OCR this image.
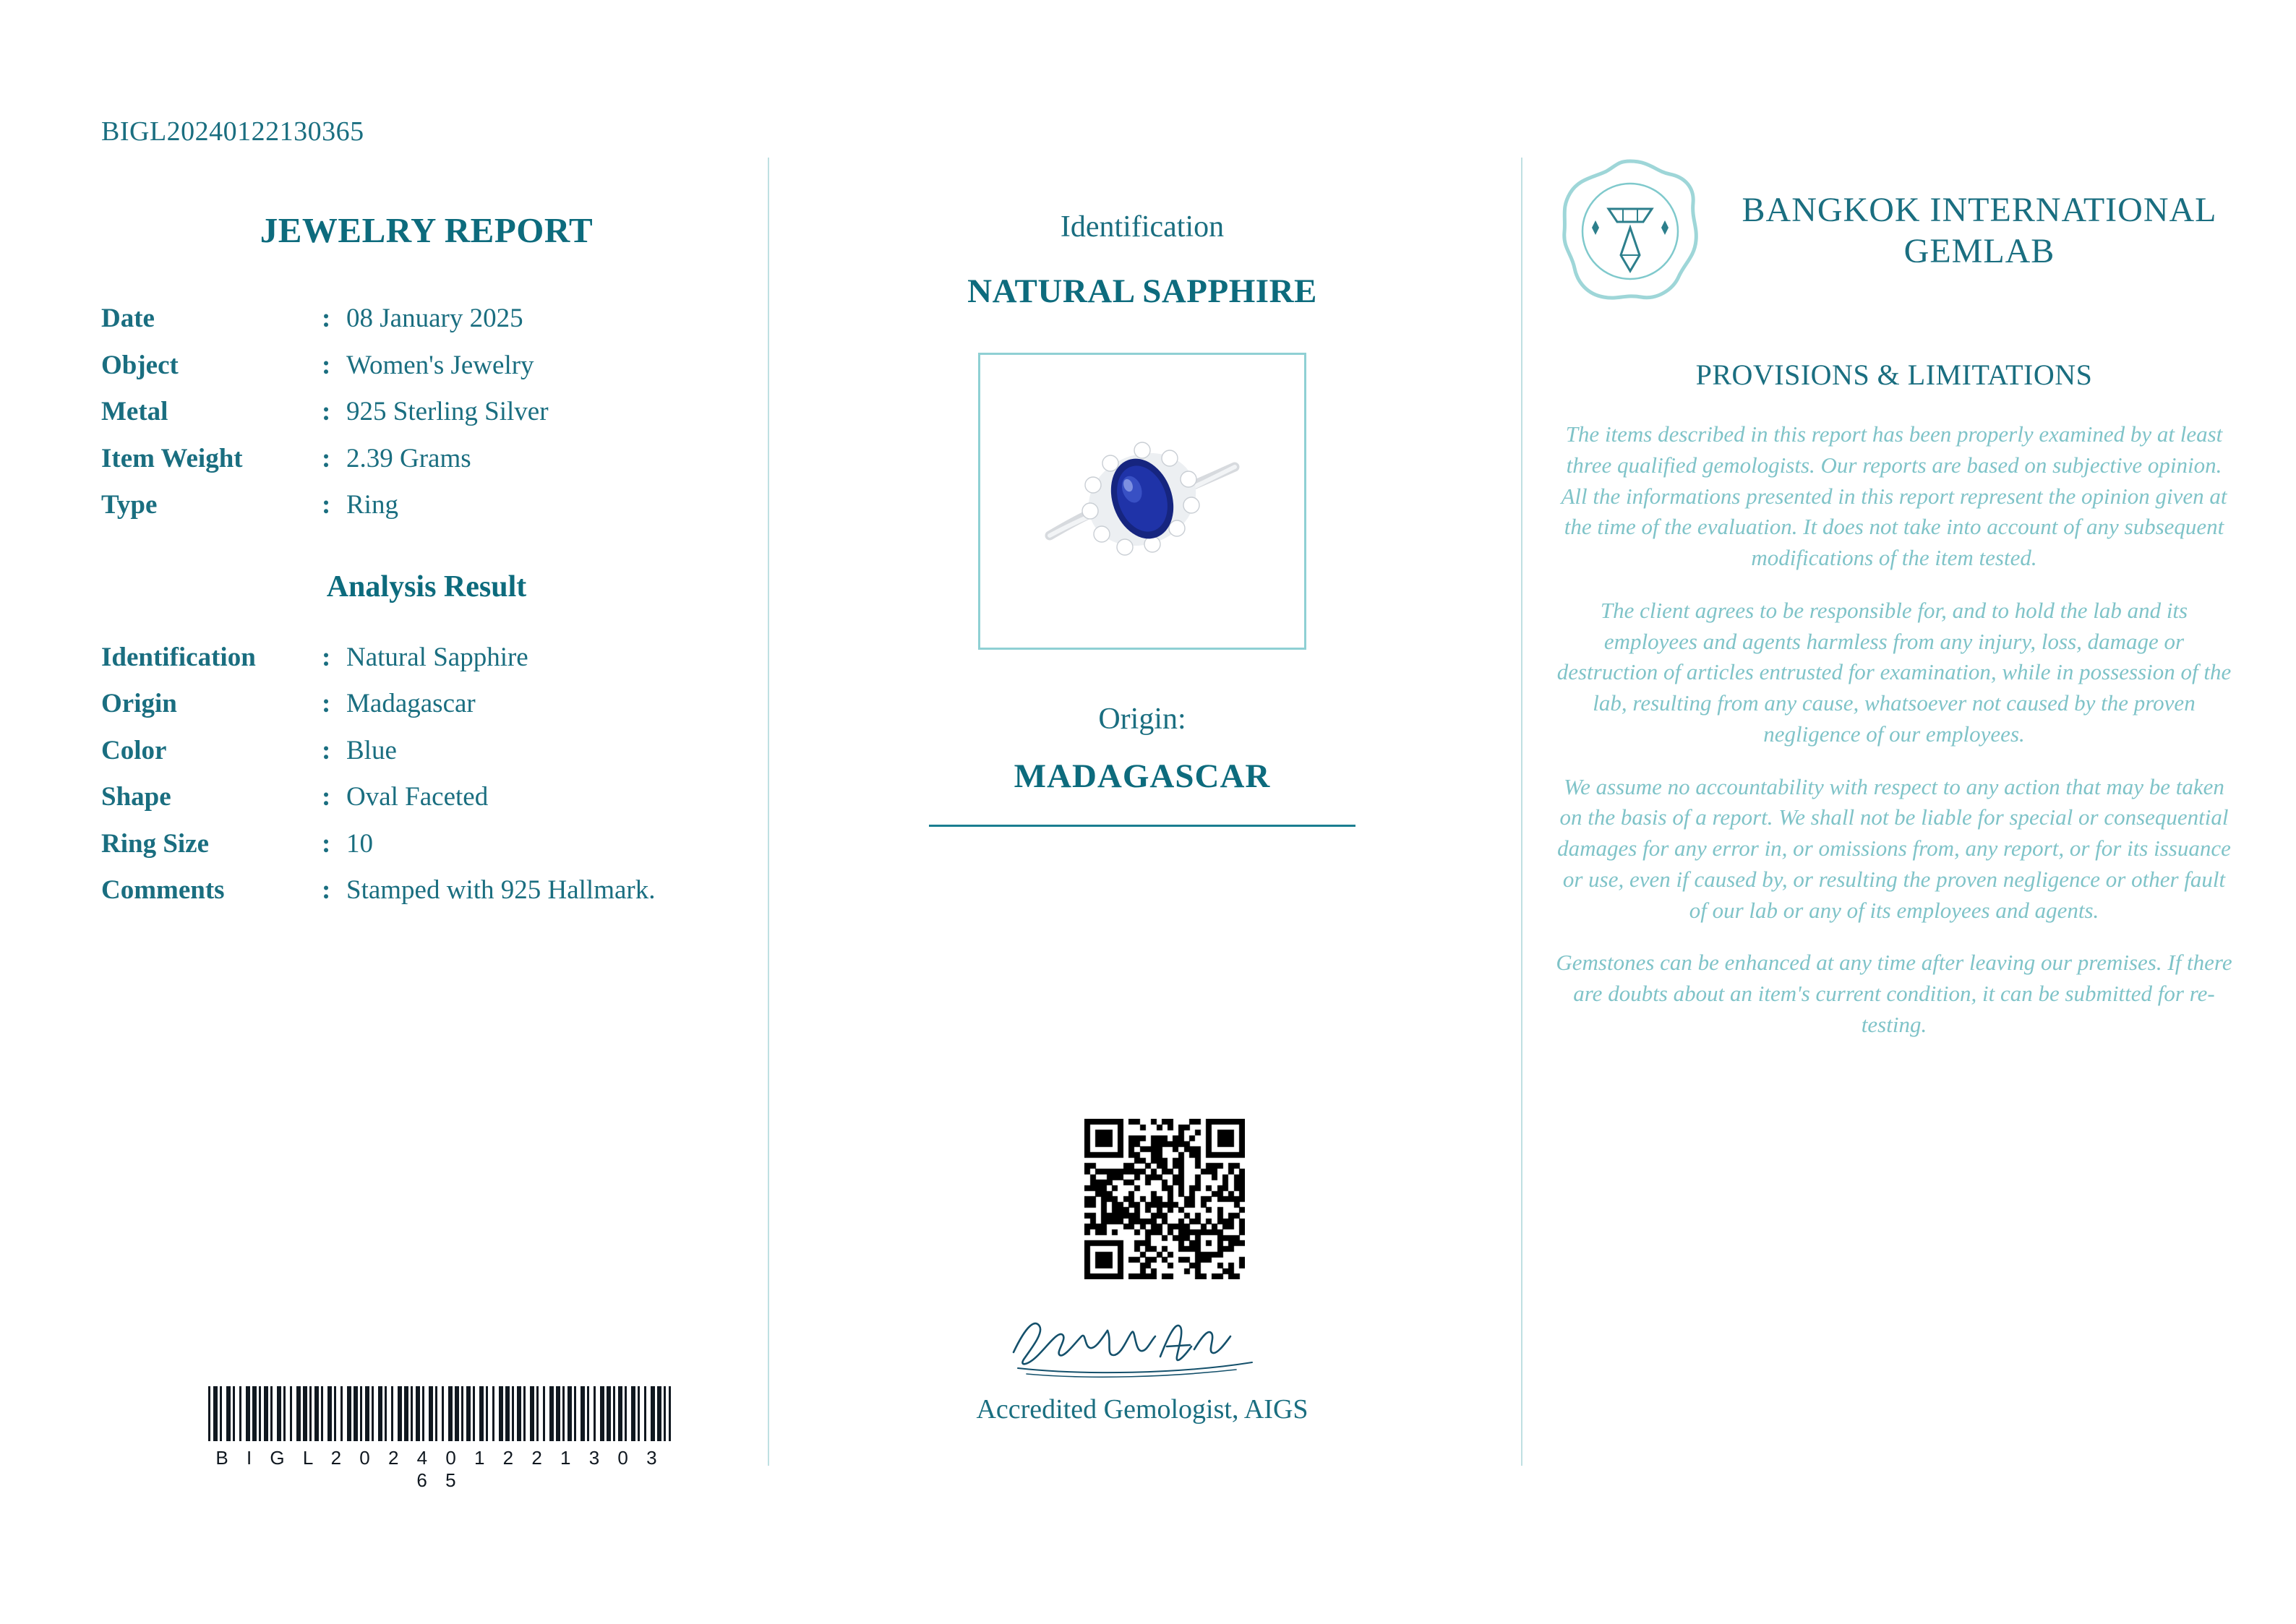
BIGL20240122130365
JEWELRY REPORT
Date	:	08 January 2025
Object	:	Women's Jewelry
Metal	:	925 Sterling Silver
Item Weight	:	2.39 Grams
Type	:	Ring
Analysis Result
Identification	:	Natural Sapphire
Origin	:	Madagascar
Color	:	Blue
Shape	:	Oval Faceted
Ring Size	:	10
Comments	:	Stamped with 925 Hallmark.
B I G L 2 0 2 4 0 1 2 2 1 3 0 3 6 5
Identification
NATURAL SAPPHIRE
Origin:
MADAGASCAR
Accredited Gemologist, AIGS
BANGKOK INTERNATIONAL GEMLAB
PROVISIONS & LIMITATIONS

The items described in this report has been properly examined by at least three qualified gemologists. Our reports are based on subjective opinion. All the informations presented in this report represent the opinion given at the time of the evaluation. It does not take into account of any subsequent modifications of the item tested.

The client agrees to be responsible for, and to hold the lab and its employees and agents harmless from any injury, loss, damage or destruction of articles entrusted for examination, while in possession of the lab, resulting from any cause, whatsoever not caused by the proven negligence of our employees.

We assume no accountability with respect to any action that may be taken on the basis of a report. We shall not be liable for special or consequential damages for any error in, or omissions from, any report, or for its issuance or use, even if caused by, or resulting the proven negligence or other fault of our lab or any of its employees and agents.

Gemstones can be enhanced at any time after leaving our premises. If there are doubts about an item's current condition, it can be submitted for re-testing.
